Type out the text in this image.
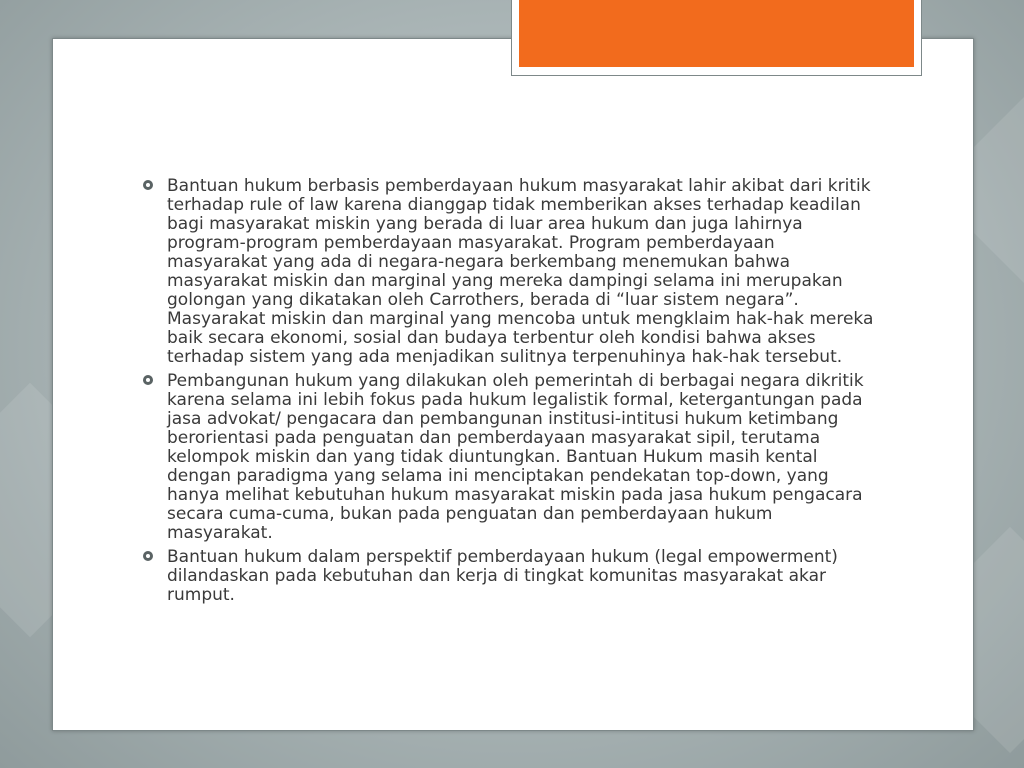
Bantuan hukum berbasis pemberdayaan hukum masyarakat lahir akibat dari kritik terhadap rule of law karena dianggap tidak memberikan akses terhadap keadilan bagi masyarakat miskin yang berada di luar area hukum dan juga lahirnya program-program pemberdayaan masyarakat. Program pemberdayaan masyarakat yang ada di negara-negara berkembang menemukan bahwa masyarakat miskin dan marginal yang mereka dampingi selama ini merupakan golongan yang dikatakan oleh Carrothers, berada di “luar sistem negara”. Masyarakat miskin dan marginal yang mencoba untuk mengklaim hak-hak mereka baik secara ekonomi, sosial dan budaya terbentur oleh kondisi bahwa akses terhadap sistem yang ada menjadikan sulitnya terpenuhinya hak-hak tersebut.
Pembangunan hukum yang dilakukan oleh pemerintah di berbagai negara dikritik karena selama ini lebih fokus pada hukum legalistik formal, ketergantungan pada jasa advokat/ pengacara dan pembangunan institusi-intitusi hukum ketimbang berorientasi pada penguatan dan pemberdayaan masyarakat sipil, terutama kelompok miskin dan yang tidak diuntungkan. Bantuan Hukum masih kental dengan paradigma yang selama ini menciptakan pendekatan top-down, yang hanya melihat kebutuhan hukum masyarakat miskin pada jasa hukum pengacara secara cuma-cuma, bukan pada penguatan dan pemberdayaan hukum masyarakat.
Bantuan hukum dalam perspektif pemberdayaan hukum (legal empowerment) dilandaskan pada kebutuhan dan kerja di tingkat komunitas masyarakat akar rumput.
